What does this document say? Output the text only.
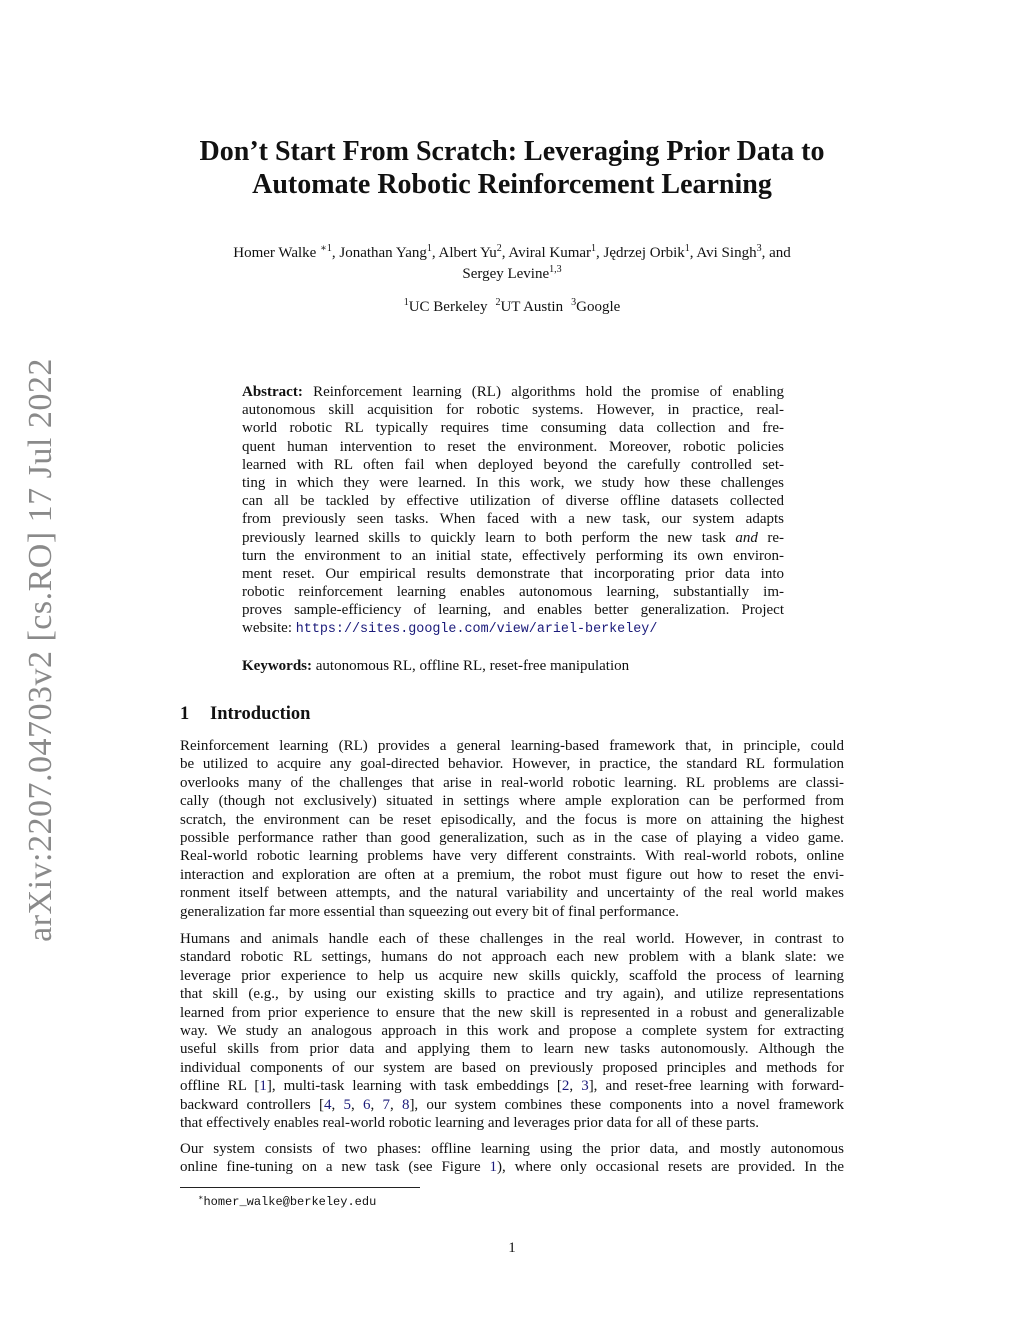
arXiv:2207.04703v2 [cs.RO] 17 Jul 2022
Don’t Start From Scratch: Leveraging Prior Data to
Automate Robotic Reinforcement Learning
Homer Walke $^{∗1}$, Jonathan Yang$^1$, Albert Yu$^2$, Aviral Kumar$^1$, Jędrzej Orbik$^1$, Avi Singh$^3$, and
Sergey Levine$^{1,3}$
$^1$UC Berkeley $^2$UT Austin $^3$Google
Abstract: Reinforcement learning (RL) algorithms hold the promise of enabling
autonomous skill acquisition for robotic systems. However, in practice, real-
world robotic RL typically requires time consuming data collection and fre-
quent human intervention to reset the environment. Moreover, robotic policies
learned with RL often fail when deployed beyond the carefully controlled set-
ting in which they were learned. In this work, we study how these challenges
can all be tackled by effective utilization of diverse offline datasets collected
from previously seen tasks. When faced with a new task, our system adapts
previously learned skills to quickly learn to both perform the new task and re-
turn the environment to an initial state, effectively performing its own environ-
ment reset. Our empirical results demonstrate that incorporating prior data into
robotic reinforcement learning enables autonomous learning, substantially im-
proves sample-efficiency of learning, and enables better generalization. Project
website: https://sites.google.com/view/ariel-berkeley/
Keywords: autonomous RL, offline RL, reset-free manipulation
1 Introduction
Reinforcement learning (RL) provides a general learning-based framework that, in principle, could
be utilized to acquire any goal-directed behavior. However, in practice, the standard RL formulation
overlooks many of the challenges that arise in real-world robotic learning. RL problems are classi-
cally (though not exclusively) situated in settings where ample exploration can be performed from
scratch, the environment can be reset episodically, and the focus is more on attaining the highest
possible performance rather than good generalization, such as in the case of playing a video game.
Real-world robotic learning problems have very different constraints. With real-world robots, online
interaction and exploration are often at a premium, the robot must figure out how to reset the envi-
ronment itself between attempts, and the natural variability and uncertainty of the real world makes
generalization far more essential than squeezing out every bit of final performance.
Humans and animals handle each of these challenges in the real world. However, in contrast to
standard robotic RL settings, humans do not approach each new problem with a blank slate: we
leverage prior experience to help us acquire new skills quickly, scaffold the process of learning
that skill (e.g., by using our existing skills to practice and try again), and utilize representations
learned from prior experience to ensure that the new skill is represented in a robust and generalizable
way. We study an analogous approach in this work and propose a complete system for extracting
useful skills from prior data and applying them to learn new tasks autonomously. Although the
individual components of our system are based on previously proposed principles and methods for
offline RL [1], multi-task learning with task embeddings [2, 3], and reset-free learning with forward-
backward controllers [4, 5, 6, 7, 8], our system combines these components into a novel framework
that effectively enables real-world robotic learning and leverages prior data for all of these parts.
Our system consists of two phases: offline learning using the prior data, and mostly autonomous
online fine-tuning on a new task (see Figure 1), where only occasional resets are provided. In the
∗homer_walke@berkeley.edu
1
